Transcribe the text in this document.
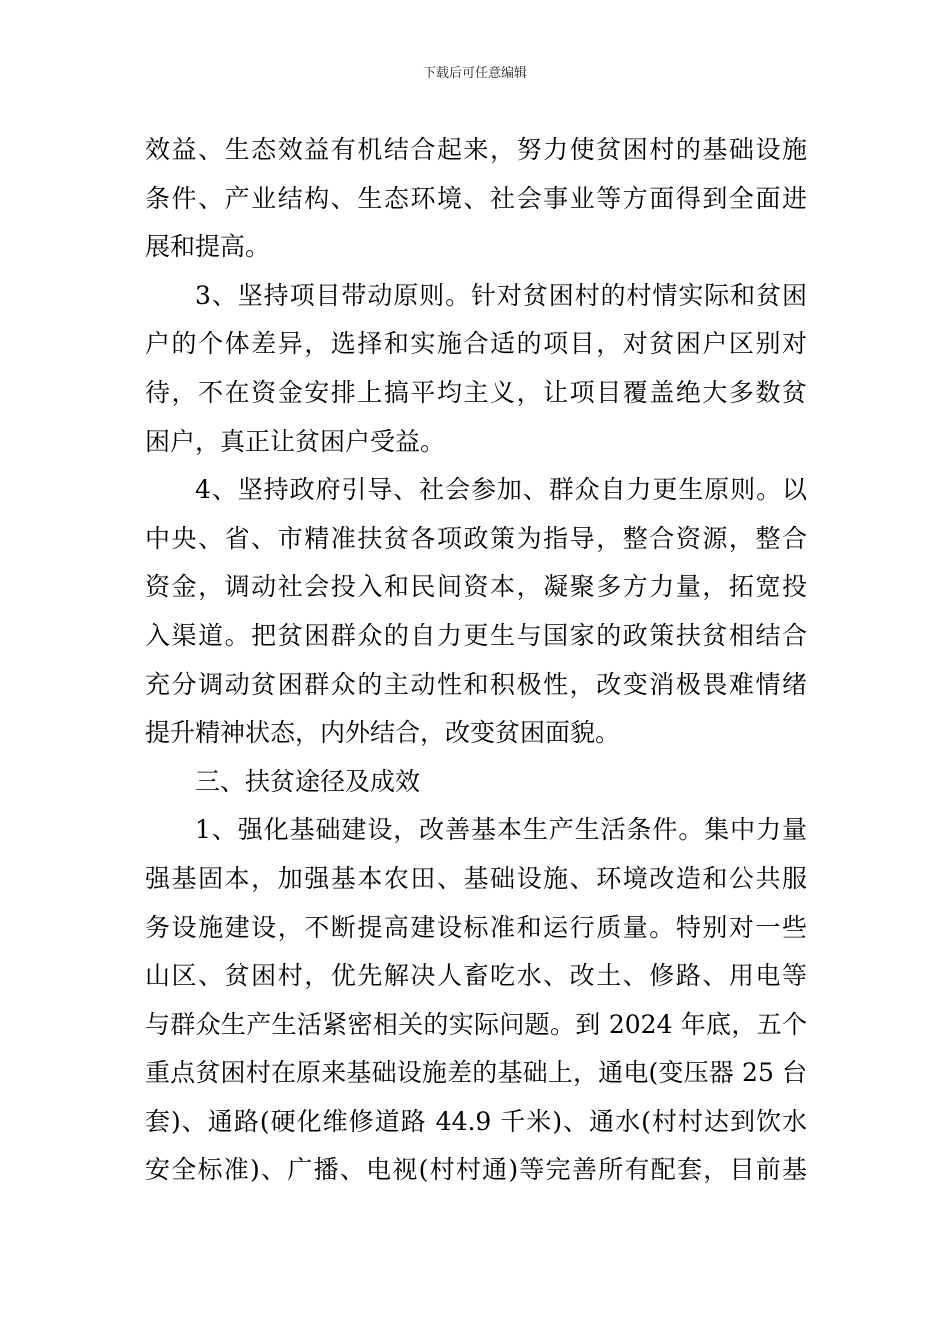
下载后可任意编辑
效益、生态效益有机结合起来，努力使贫困村的基础设施
条件、产业结构、生态环境、社会事业等方面得到全面进
展和提高。
3、坚持项目带动原则。针对贫困村的村情实际和贫困
户的个体差异，选择和实施合适的项目，对贫困户区别对
待，不在资金安排上搞平均主义，让项目覆盖绝大多数贫
困户，真正让贫困户受益。
4、坚持政府引导、社会参加、群众自力更生原则。以
中央、省、市精准扶贫各项政策为指导，整合资源，整合
资金，调动社会投入和民间资本，凝聚多方力量，拓宽投
入渠道。把贫困群众的自力更生与国家的政策扶贫相结合
充分调动贫困群众的主动性和积极性，改变消极畏难情绪
提升精神状态，内外结合，改变贫困面貌。
三、扶贫途径及成效
1、强化基础建设，改善基本生产生活条件。集中力量
强基固本，加强基本农田、基础设施、环境改造和公共服
务设施建设，不断提高建设标准和运行质量。特别对一些
山区、贫困村，优先解决人畜吃水、改土、修路、用电等
与群众生产生活紧密相关的实际问题。到 2024 年底，五个
重点贫困村在原来基础设施差的基础上，通电(变压器 25 台
套)、通路(硬化维修道路 44.9 千米)、通水(村村达到饮水
安全标准)、广播、电视(村村通)等完善所有配套，目前基
